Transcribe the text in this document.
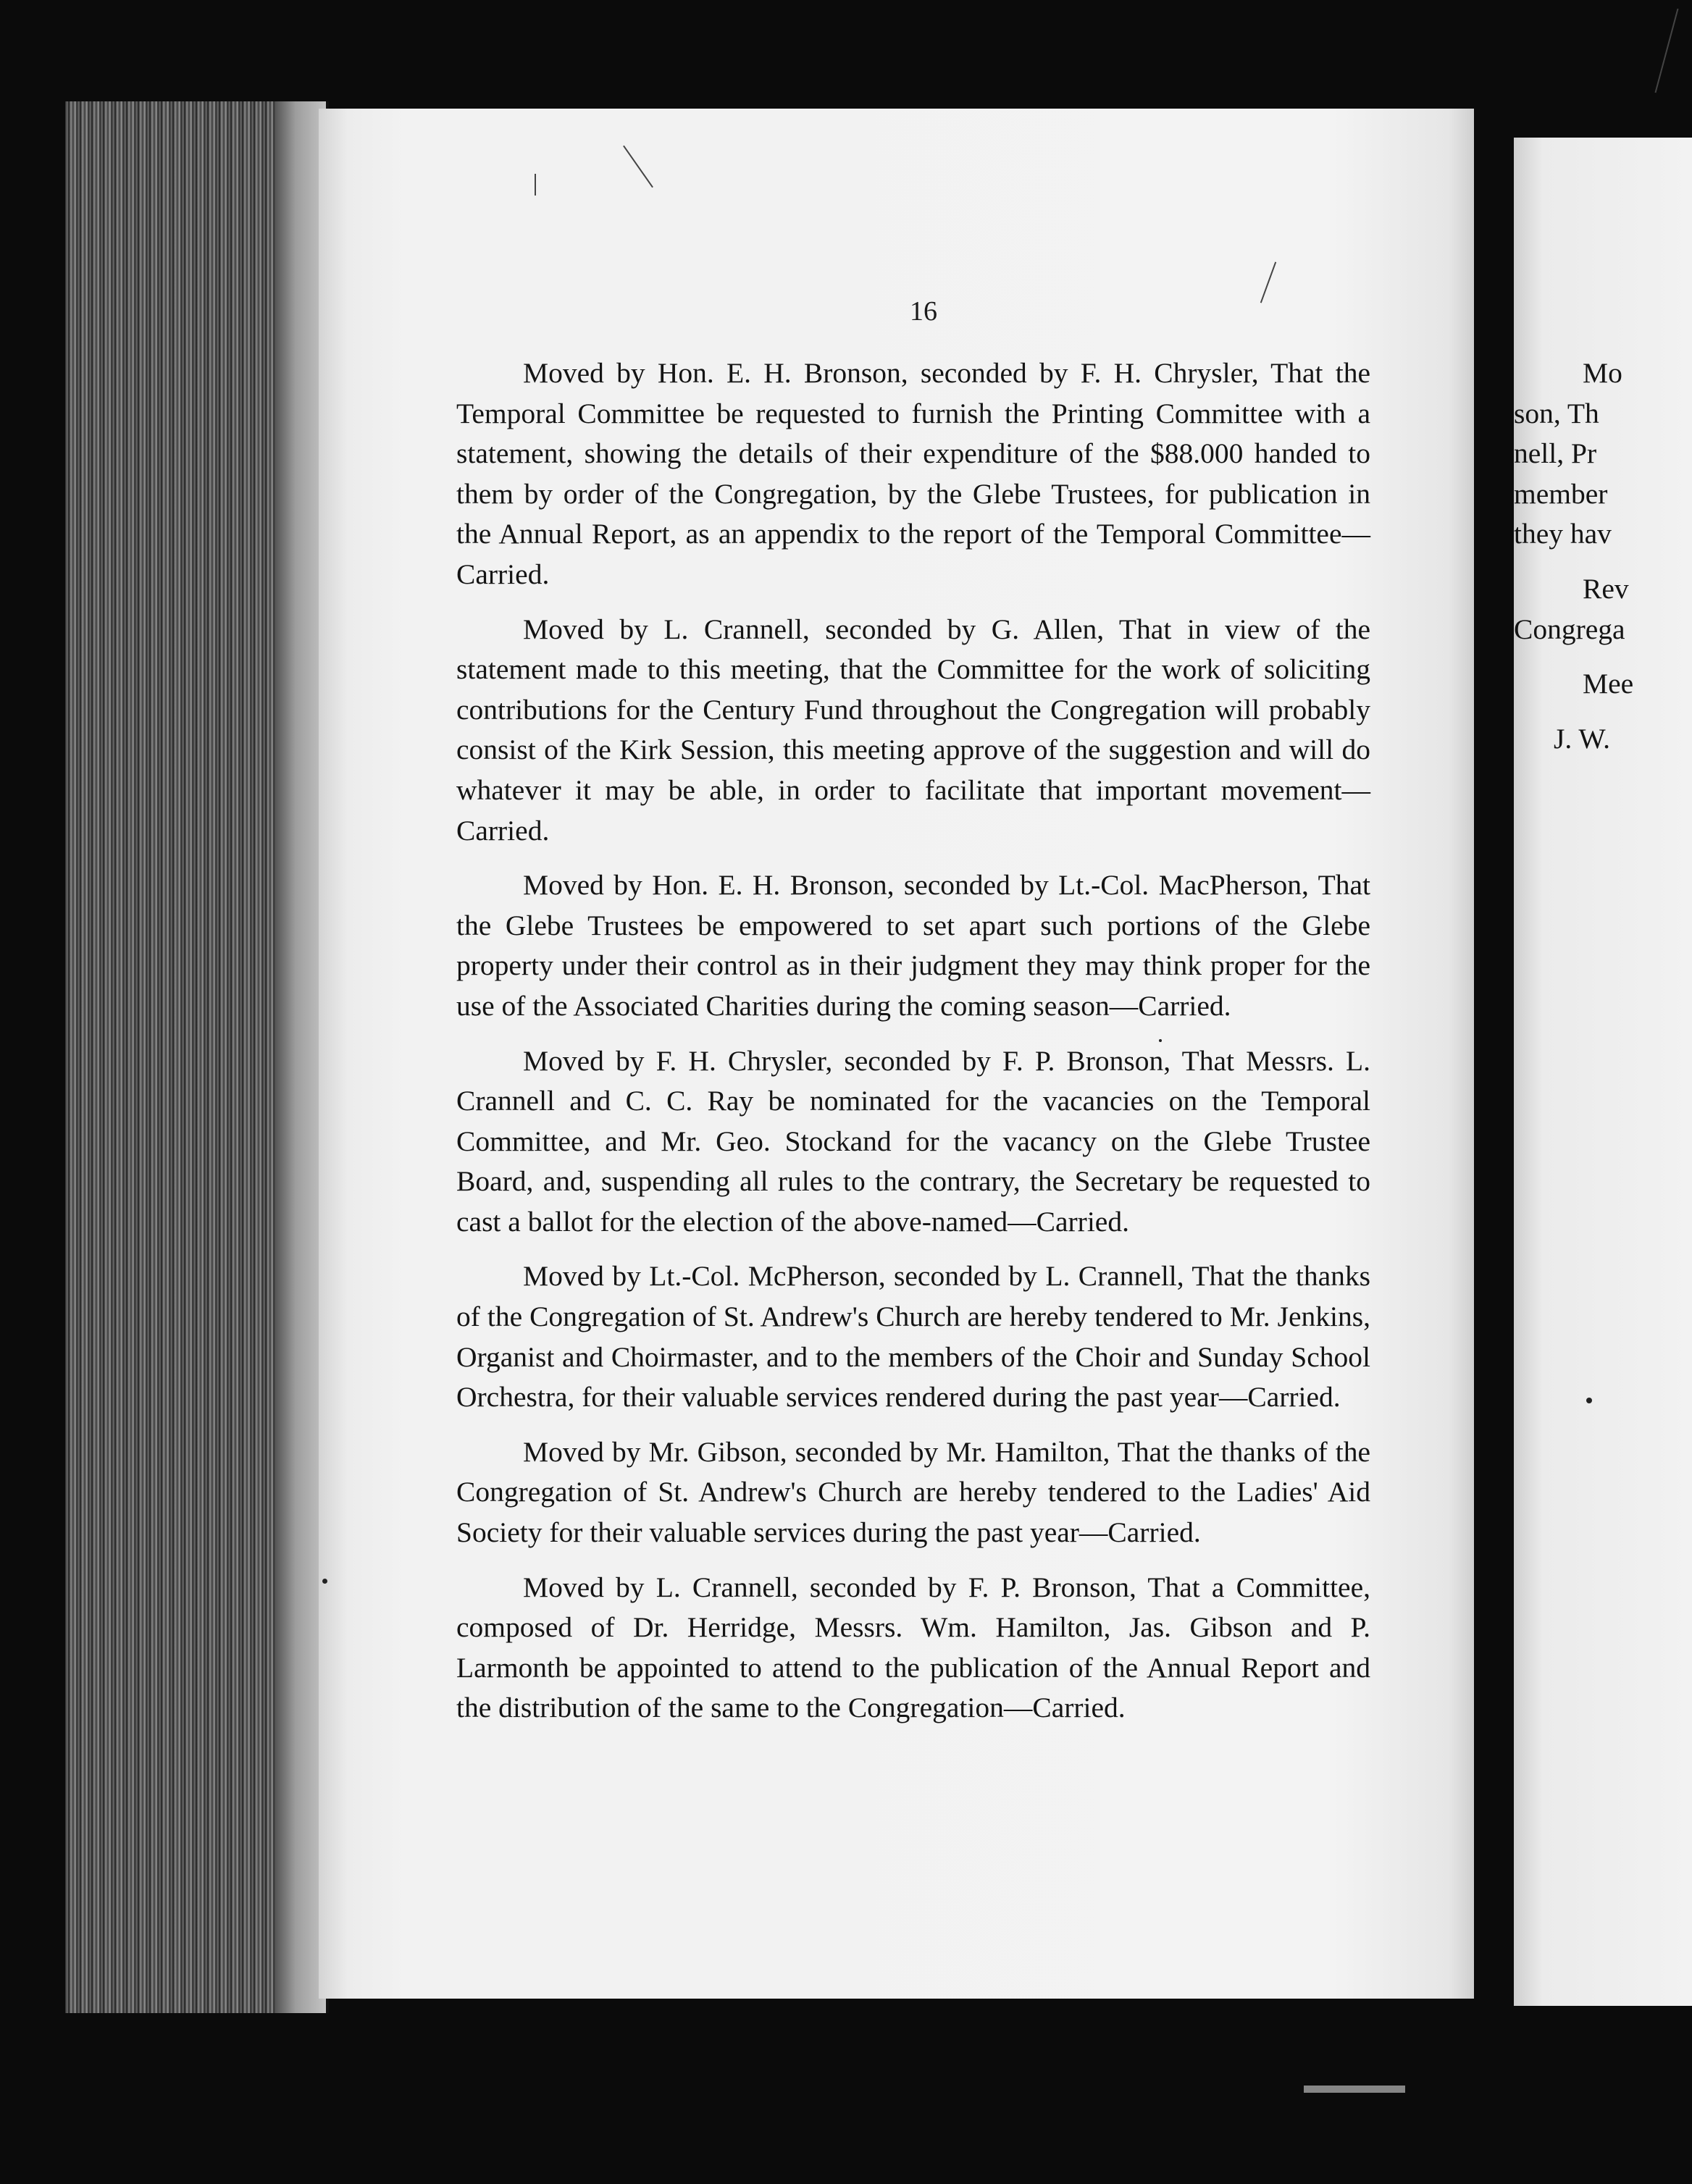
16

Moved by Hon. E. H. Bronson, seconded by F. H. Chrysler, That the Temporal Committee be requested to furnish the Printing Committee with a statement, showing the details of their expenditure of the $88.000 handed to them by order of the Congregation, by the Glebe Trustees, for publication in the Annual Report, as an appendix to the report of the Temporal Committee—Carried.

Moved by L. Crannell, seconded by G. Allen, That in view of the statement made to this meeting, that the Committee for the work of soliciting contributions for the Century Fund throughout the Congregation will probably consist of the Kirk Session, this meeting approve of the suggestion and will do whatever it may be able, in order to facilitate that important movement—Carried.

Moved by Hon. E. H. Bronson, seconded by Lt.-Col. MacPherson, That the Glebe Trustees be empowered to set apart such portions of the Glebe property under their control as in their judgment they may think proper for the use of the Associated Charities during the coming season—Carried.

Moved by F. H. Chrysler, seconded by F. P. Bronson, That Messrs. L. Crannell and C. C. Ray be nominated for the vacancies on the Temporal Committee, and Mr. Geo. Stockand for the vacancy on the Glebe Trustee Board, and, suspending all rules to the contrary, the Secretary be requested to cast a ballot for the election of the above-named—Carried.

Moved by Lt.-Col. McPherson, seconded by L. Crannell, That the thanks of the Congregation of St. Andrew's Church are hereby tendered to Mr. Jenkins, Organist and Choirmaster, and to the members of the Choir and Sunday School Orchestra, for their valuable services rendered during the past year—Carried.

Moved by Mr. Gibson, seconded by Mr. Hamilton, That the thanks of the Congregation of St. Andrew's Church are hereby tendered to the Ladies' Aid Society for their valuable services during the past year—Carried.

Moved by L. Crannell, seconded by F. P. Bronson, That a Committee, composed of Dr. Herridge, Messrs. Wm. Hamilton, Jas. Gibson and P. Larmonth be appointed to attend to the publication of the Annual Report and the distribution of the same to the Congregation—Carried.

Mo
son, Th
nell, Pr
member
they hav
Rev
Congrega
Mee
J. W.
